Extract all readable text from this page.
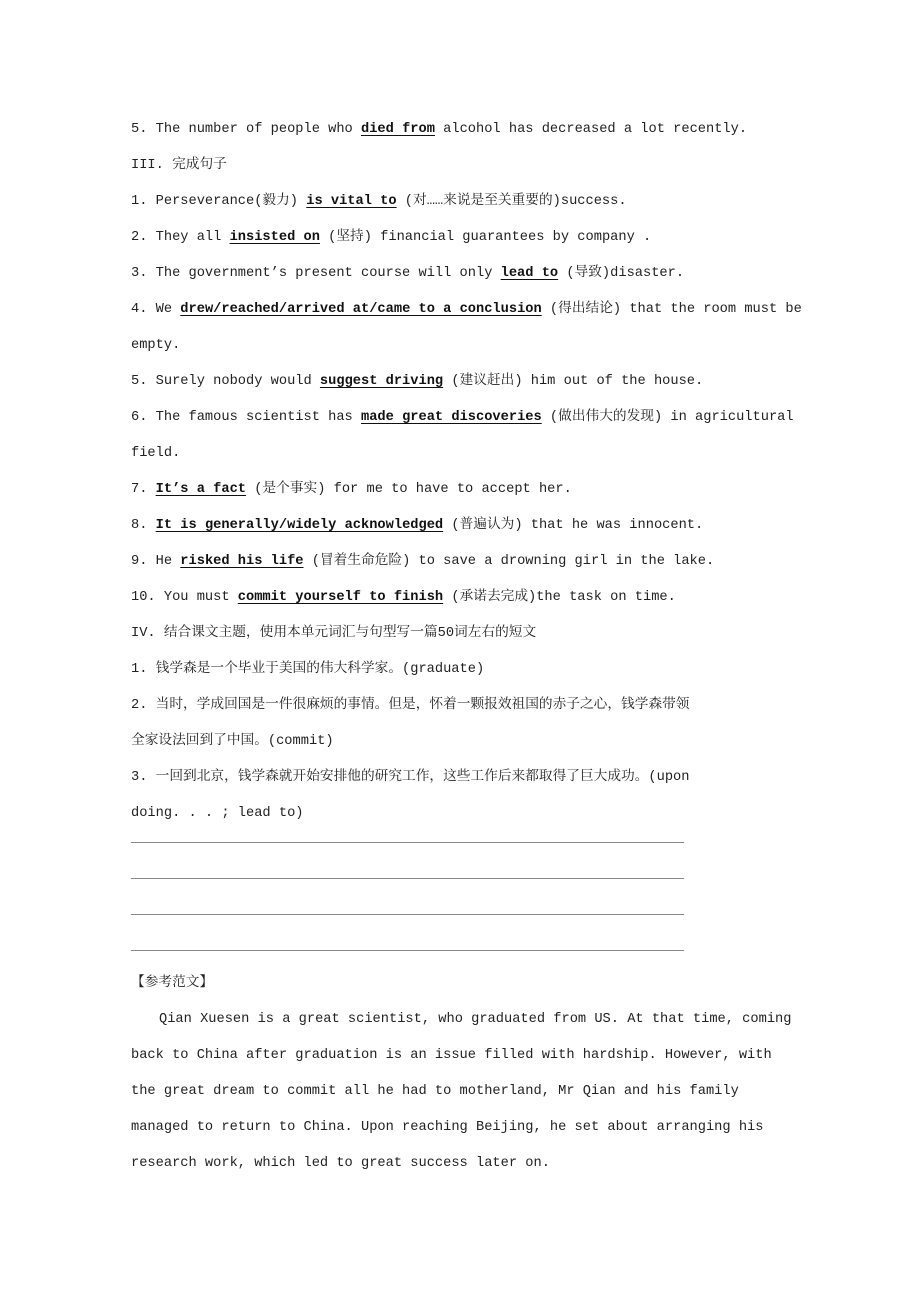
5. The number of people who died from alcohol has decreased a lot recently.
III. 完成句子
1. Perseverance(毅力) is vital to (对……来说是至关重要的)success.
2. They all insisted on (坚持) financial guarantees by company .
3. The government’s present course will only lead to (导致)disaster.
4. We drew/reached/arrived at/came to a conclusion (得出结论) that the room must be
empty.
5. Surely nobody would suggest driving (建议赶出) him out of the house.
6. The famous scientist has made great discoveries (做出伟大的发现) in agricultural
field.
7. It’s a fact (是个事实) for me to have to accept her.
8. It is generally/widely acknowledged (普遍认为) that he was innocent.
9. He risked his life (冒着生命危险) to save a drowning girl in the lake.
10. You must commit yourself to finish (承诺去完成)the task on time.
IV. 结合课文主题，使用本单元词汇与句型写一篇50词左右的短文
1. 钱学森是一个毕业于美国的伟大科学家。(graduate)
2. 当时，学成回国是一件很麻烦的事情。但是，怀着一颗报效祖国的赤子之心，钱学森带领
全家设法回到了中国。(commit)
3. 一回到北京，钱学森就开始安排他的研究工作，这些工作后来都取得了巨大成功。(upon
doing. . . ; lead to)
【参考范文】
Qian Xuesen is a great scientist, who graduated from US. At that time, coming back to China after graduation is an issue filled with hardship. However, with the great dream to commit all he had to motherland, Mr Qian and his family managed to return to China. Upon reaching Beijing, he set about arranging his research work, which led to great success later on.
